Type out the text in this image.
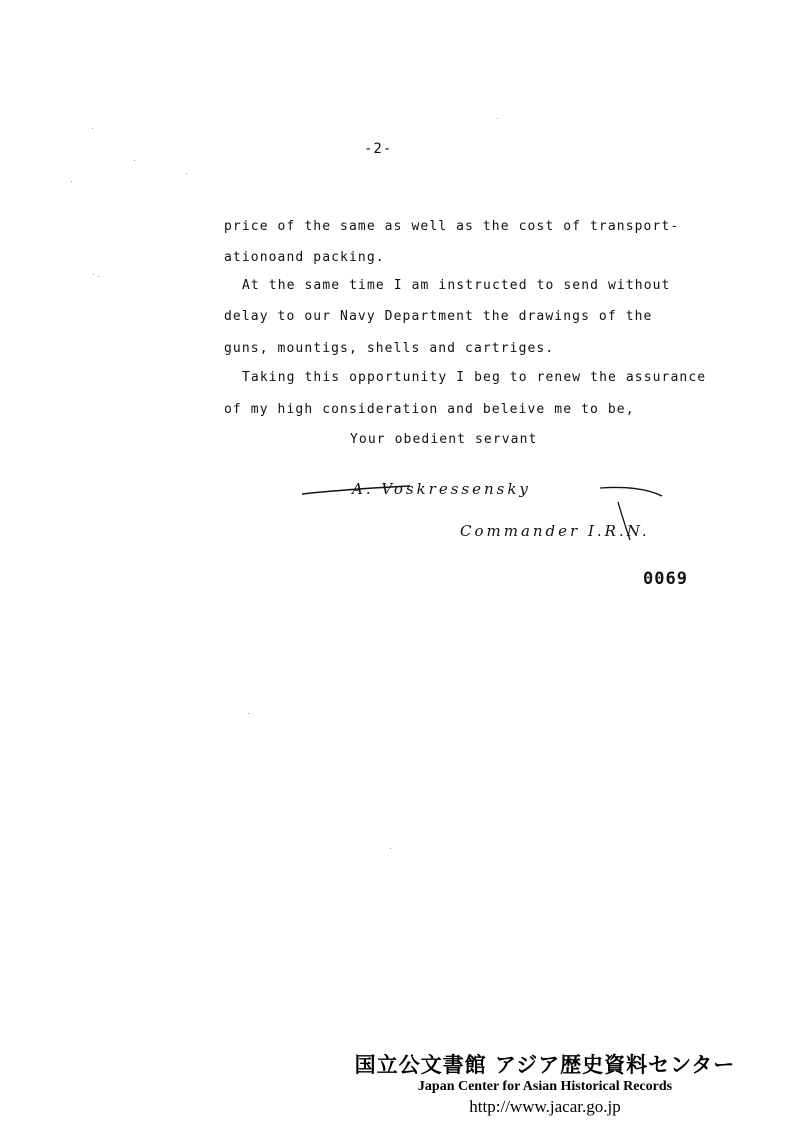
-2-
price of the same as well as the cost of transport-
ationoand packing.
At the same time I am instructed to send without
delay to our Navy Department the drawings of the
guns, mountigs, shells and cartriges.
Taking this opportunity I beg to renew the assurance
of my high consideration and beleive me to be,
Your obedient servant
A. Voskressensky
Commander I.R.N.
0069
国立公文書館 アジア歴史資料センター
Japan Center for Asian Historical Records
http://www.jacar.go.jp
